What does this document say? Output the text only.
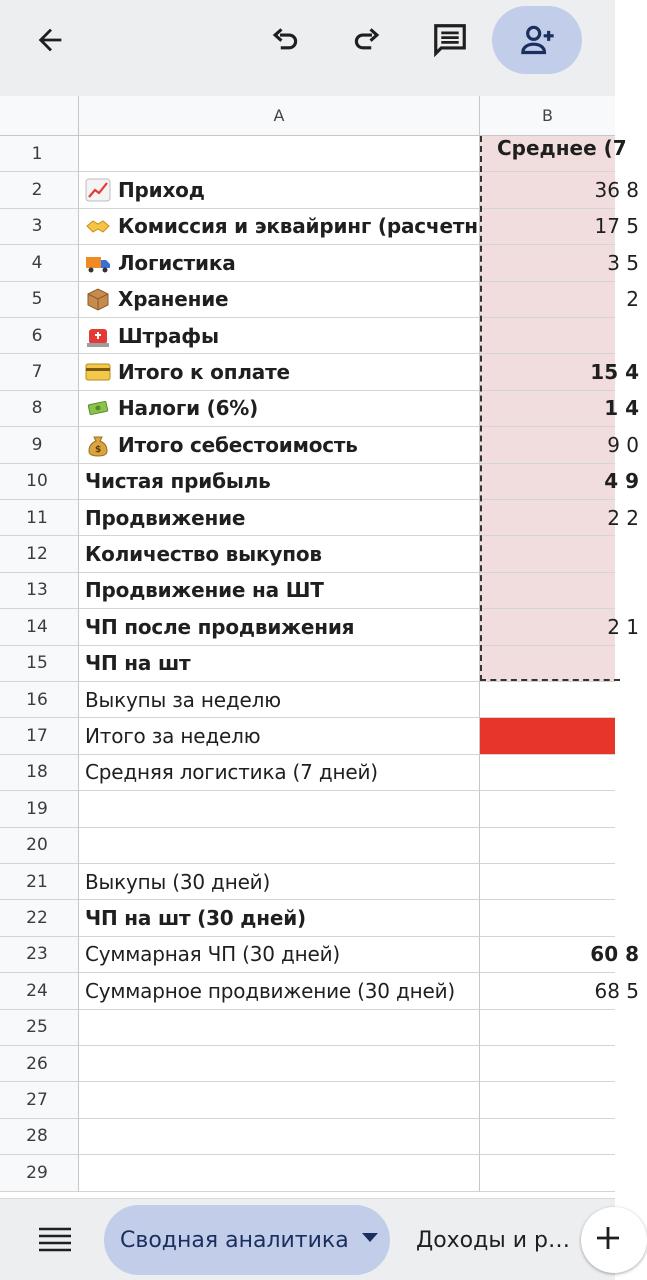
A	B
1	Среднее (7
2	Приход	36 8
3	Комиссия и эквайринг (расчетн	17 5
4	Логистика	3 5
5	Хранение	2
6	Штрафы
7	Итого к оплате	15 4
8	Налоги (6%)	1 4
9	$ Итого себестоимость	9 0
10	Чистая прибыль	4 9
11	Продвижение	2 2
12	Количество выкупов
13	Продвижение на ШТ
14	ЧП после продвижения	2 1
15	ЧП на шт
16	Выкупы за неделю
17	Итого за неделю
18	Средняя логистика (7 дней)
19
20
21	Выкупы (30 дней)
22	ЧП на шт (30 дней)
23	Суммарная ЧП (30 дней)	60 8
24	Суммарное продвижение (30 дней)	68 5
25
26
27
28
29
Сводная аналитика	Доходы и р…
